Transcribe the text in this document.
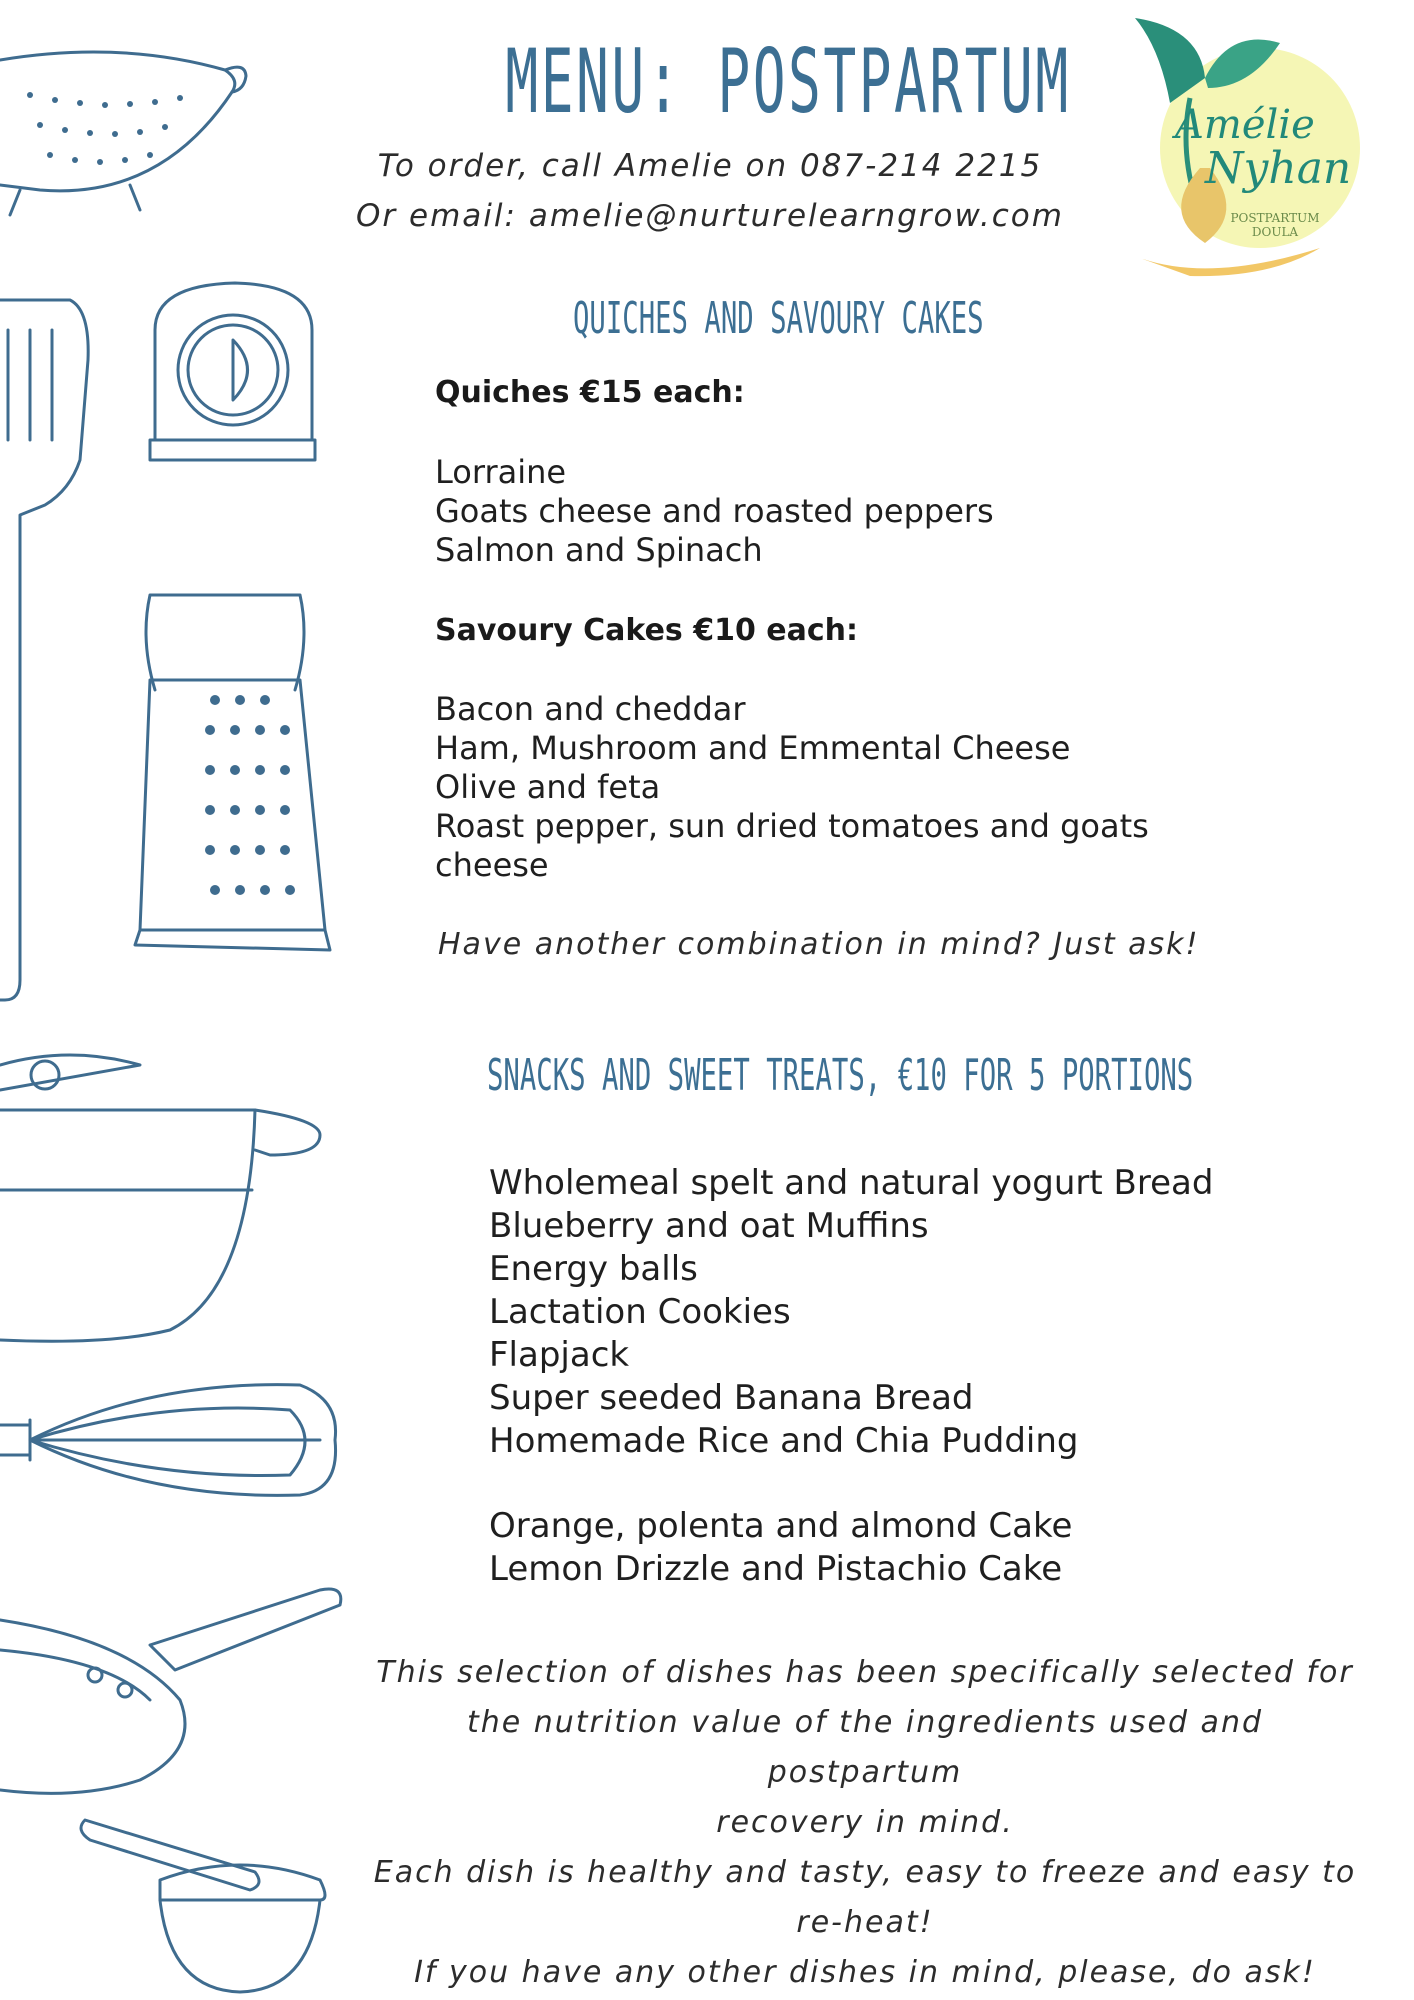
Amélie
Nyhan
POSTPARTUM
DOULA
MENU: POSTPARTUM
To order, call Amelie on 087-214 2215
Or email: amelie@nurturelearngrow.com
QUICHES AND SAVOURY CAKES
Quiches €15 each:
Lorraine
Goats cheese and roasted peppers
Salmon and Spinach
Savoury Cakes €10 each:
Bacon and cheddar
Ham, Mushroom and Emmental Cheese
Olive and feta
Roast pepper, sun dried tomatoes and goats
cheese
Have another combination in mind? Just ask!
SNACKS AND SWEET TREATS, €10 FOR 5 PORTIONS
Wholemeal spelt and natural yogurt Bread
Blueberry and oat Muffins
Energy balls
Lactation Cookies
Flapjack
Super seeded Banana Bread
Homemade Rice and Chia Pudding
Orange, polenta and almond Cake
Lemon Drizzle and Pistachio Cake
This selection of dishes has been specifically selected for
the nutrition value of the ingredients used and postpartum
recovery in mind.
Each dish is healthy and tasty, easy to freeze and easy to
re-heat!
If you have any other dishes in mind, please, do ask!
